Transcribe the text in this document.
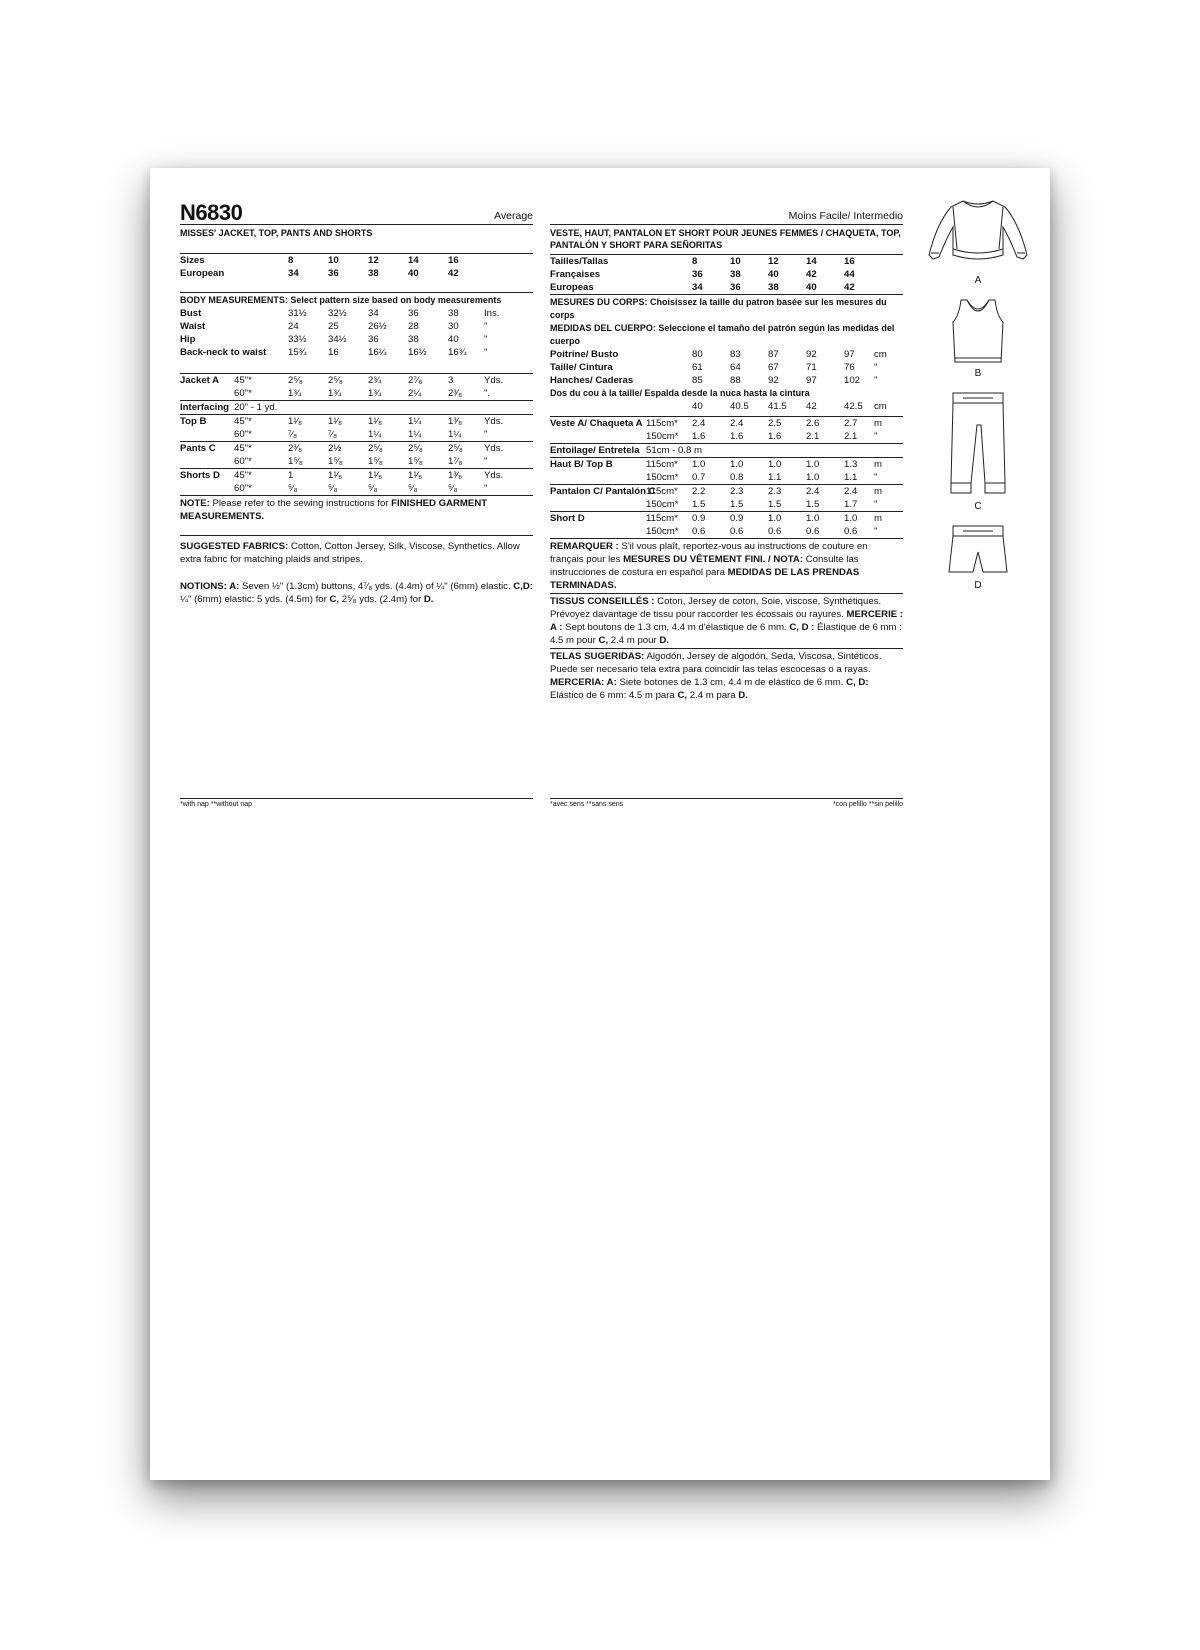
N6830	Average
MISSES' JACKET, TOP, PANTS AND SHORTS
Sizes	8	10	12	14	16	
European	34	36	38	40	42	
BODY MEASUREMENTS: Select pattern size based on body measurements
Bust	31½	32½	34	36	38	Ins.
Waist	24	25	26½	28	30	"
Hip	33½	34½	36	38	40	"
Back-neck to waist	15¾	16	16¼	16½	16¾	"
Jacket A	45"*	2⁵⁄₈	2⁵⁄₈	2¾	2⁷⁄₈	3	Yds.
	60"*	1¾	1¾	1¾	2¼	2³⁄₈	".
Interfacing	20" - 1 yd.						
Top B	45"*	1¹⁄₈	1¹⁄₈	1¹⁄₈	1¼	1³⁄₈	Yds.
	60"*	⁷⁄₈	⁷⁄₈	1¼	1¼	1¼	"
Pants C	45"*	2³⁄₈	2½	2⁵⁄₈	2⁵⁄₈	2⁵⁄₈	Yds.
	60"*	1⁵⁄₈	1⁵⁄₈	1⁵⁄₈	1⁵⁄₈	1⁷⁄₈	"
Shorts D	45"*	1	1¹⁄₈	1¹⁄₈	1¹⁄₈	1³⁄₈	Yds.
	60"*	⁵⁄₈	⁵⁄₈	⁵⁄₈	⁵⁄₈	⁵⁄₈	"

NOTE: Please refer to the sewing instructions for FINISHED GARMENT MEASUREMENTS.

SUGGESTED FABRICS: Cotton, Cotton Jersey, Silk, Viscose, Synthetics. Allow extra fabric for matching plaids and stripes.

NOTIONS: A: Seven ½" (1.3cm) buttons, 4⁷⁄₈ yds. (4.4m) of ¼" (6mm) elastic. C,D: ¼" (6mm) elastic: 5 yds. (4.5m) for C, 2⁵⁄₈ yds. (2.4m) for D.

Moins Facile/ Intermedio
VESTE, HAUT, PANTALON ET SHORT POUR JEUNES FEMMES / CHAQUETA, TOP, PANTALÓN Y SHORT PARA SEÑORITAS
Tailles/Tallas	8	10	12	14	16	
Françaises	36	38	40	42	44	
Europeas	34	36	38	40	42	
MESURES DU CORPS: Choisissez la taille du patron basée sur les mesures du corps
MEDIDAS DEL CUERPO: Seleccione el tamaño del patrón según las medidas del cuerpo
Poitrine/ Busto	80	83	87	92	97	cm
Taille/ Cintura	61	64	67	71	76	"
Hanches/ Caderas	85	88	92	97	102	"
Dos du cou à la taille/ Espalda desde la nuca hasta la cintura
	40	40.5	41.5	42	42.5	cm
Veste A/ Chaqueta A	115cm*	2.4	2.4	2.5	2.6	2.7	m
	150cm*	1.6	1.6	1.6	2.1	2.1	"
Entoilage/ Entretela	51cm - 0.8 m						
Haut B/ Top B	115cm*	1.0	1.0	1.0	1.0	1.3	m
	150cm*	0.7	0.8	1.1	1.0	1.1	"
Pantalon C/ Pantalón C	115cm*	2.2	2.3	2.3	2.4	2.4	m
	150cm*	1.5	1.5	1.5	1.5	1.7	"
Short D	115cm*	0.9	0.9	1.0	1.0	1.0	m
	150cm*	0.6	0.6	0.6	0.6	0.6	"

REMARQUER : S'il vous plaît, reportez-vous au instructions de couture en français pour les MESURES DU VÊTEMENT FINI. / NOTA: Consulte las instrucciones de costura en español para MEDIDAS DE LAS PRENDAS TERMINADAS.

TISSUS CONSEILLÉS : Coton, Jersey de coton, Soie, viscose, Synthétiques. Prévoyez davantage de tissu pour raccorder les écossais ou rayures. MERCERIE : A : Sept boutons de 1.3 cm, 4.4 m d'élastique de 6 mm. C, D : Élastique de 6 mm : 4.5 m pour C, 2.4 m pour D.

TELAS SUGERIDAS: Algodón, Jersey de algodón, Seda, Viscosa, Sintéticos. Puede ser necesario tela extra para coincidir las telas escocesas o a rayas. MERCERIA: A: Siete botones de 1.3 cm, 4.4 m de elástico de 6 mm. C, D: Elástico de 6 mm: 4.5 m para C, 2.4 m para D.

*with nap **without nap	*avec sens **sans sens	*con pelillo **sin pelillo
A
B
C
D
